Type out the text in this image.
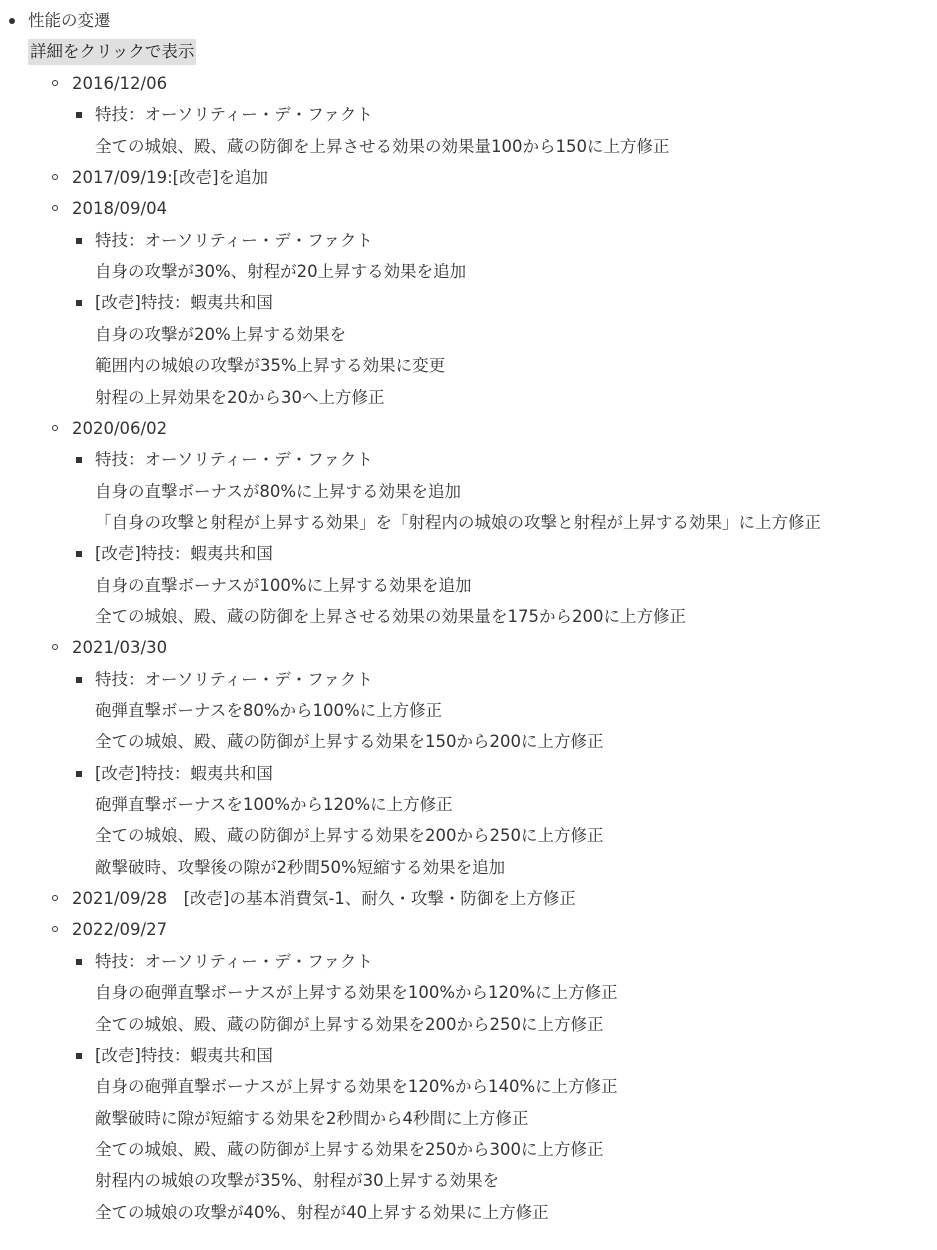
性能の変遷
詳細をクリックで表示
2016/12/06
特技：オーソリティー・デ・ファクト
全ての城娘、殿、蔵の防御を上昇させる効果の効果量100から150に上方修正
2017/09/19:[改壱]を追加
2018/09/04
特技：オーソリティー・デ・ファクト
自身の攻撃が30%、射程が20上昇する効果を追加
[改壱]特技：蝦夷共和国
自身の攻撃が20%上昇する効果を
範囲内の城娘の攻撃が35%上昇する効果に変更
射程の上昇効果を20から30へ上方修正
2020/06/02
特技：オーソリティー・デ・ファクト
自身の直撃ボーナスが80%に上昇する効果を追加
「自身の攻撃と射程が上昇する効果」を「射程内の城娘の攻撃と射程が上昇する効果」に上方修正
[改壱]特技：蝦夷共和国
自身の直撃ボーナスが100%に上昇する効果を追加
全ての城娘、殿、蔵の防御を上昇させる効果の効果量を175から200に上方修正
2021/03/30
特技：オーソリティー・デ・ファクト
砲弾直撃ボーナスを80%から100%に上方修正
全ての城娘、殿、蔵の防御が上昇する効果を150から200に上方修正
[改壱]特技：蝦夷共和国
砲弾直撃ボーナスを100%から120%に上方修正
全ての城娘、殿、蔵の防御が上昇する効果を200から250に上方修正
敵撃破時、攻撃後の隙が2秒間50%短縮する効果を追加
2021/09/28　[改壱]の基本消費気-1、耐久・攻撃・防御を上方修正
2022/09/27
特技：オーソリティー・デ・ファクト
自身の砲弾直撃ボーナスが上昇する効果を100%から120%に上方修正
全ての城娘、殿、蔵の防御が上昇する効果を200から250に上方修正
[改壱]特技：蝦夷共和国
自身の砲弾直撃ボーナスが上昇する効果を120%から140%に上方修正
敵撃破時に隙が短縮する効果を2秒間から4秒間に上方修正
全ての城娘、殿、蔵の防御が上昇する効果を250から300に上方修正
射程内の城娘の攻撃が35%、射程が30上昇する効果を
全ての城娘の攻撃が40%、射程が40上昇する効果に上方修正
